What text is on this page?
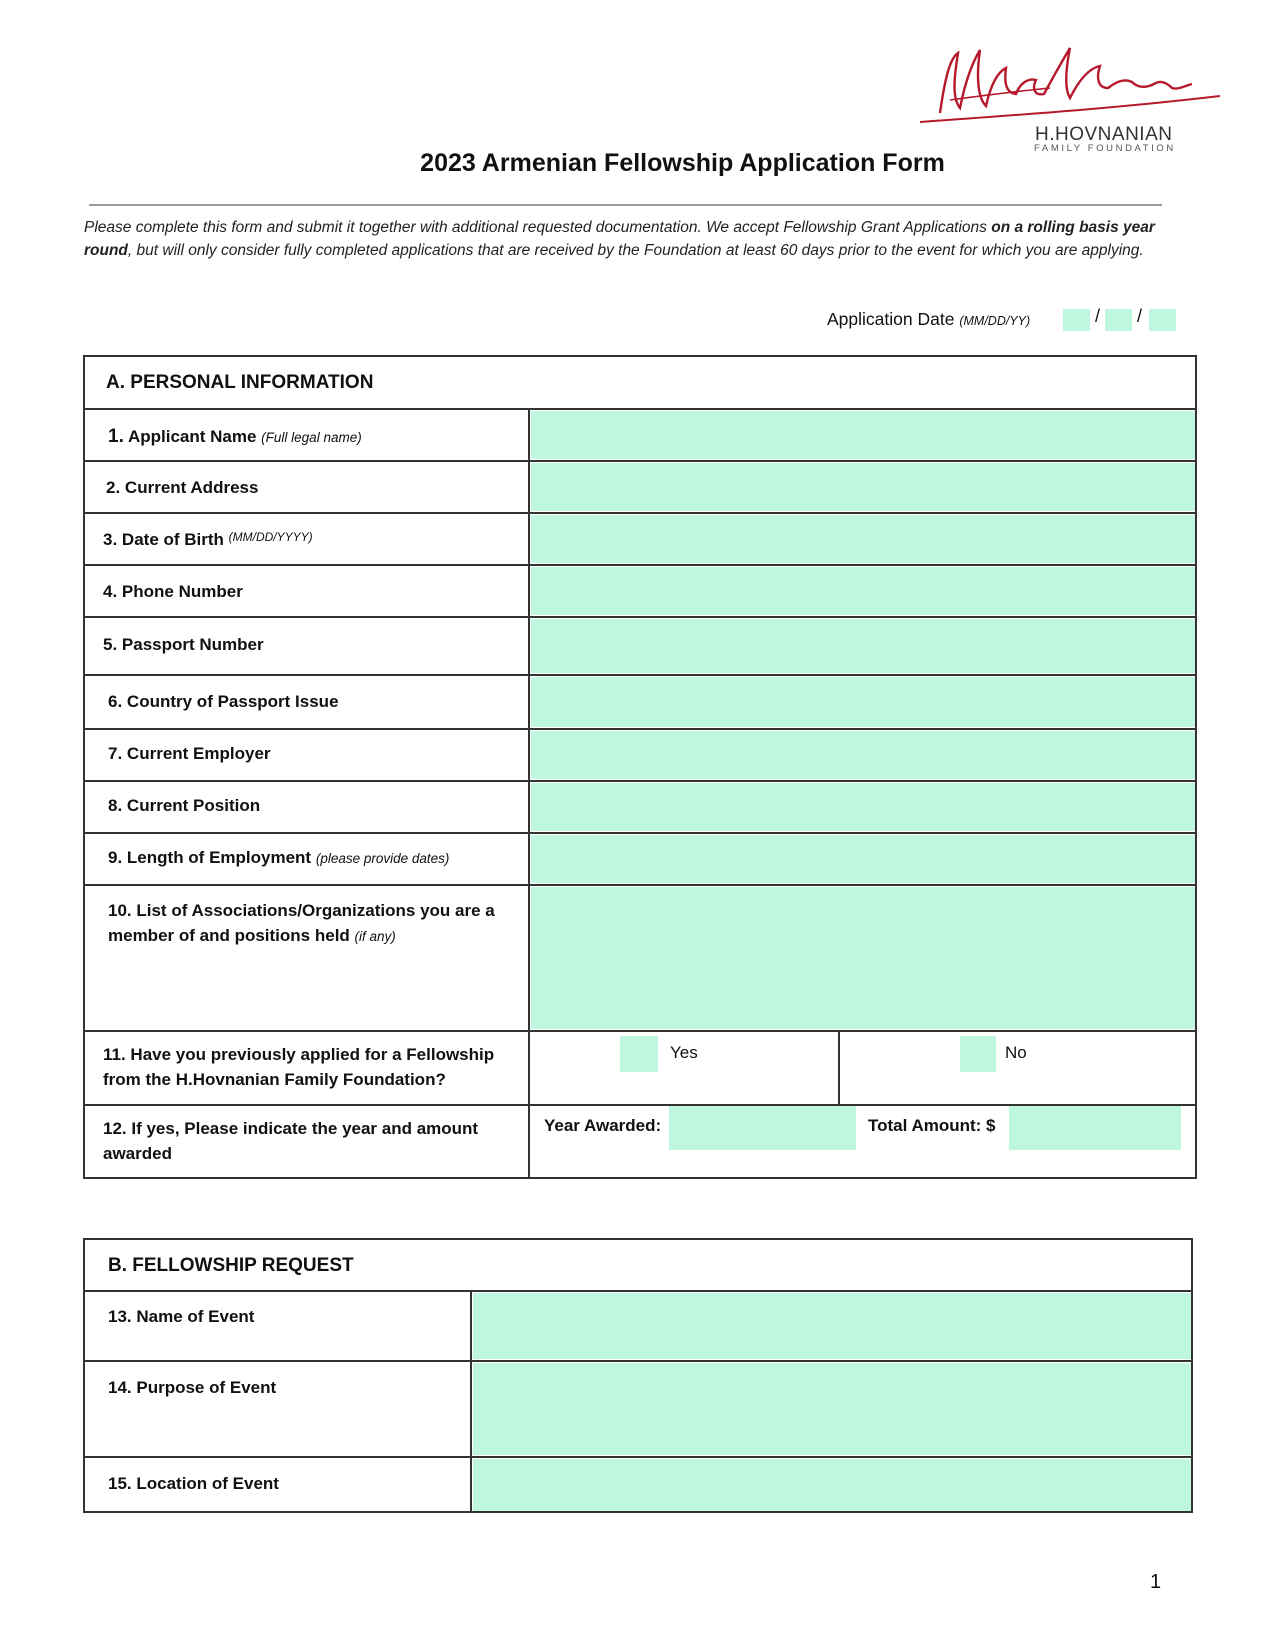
H.HOVNANIAN
FAMILY FOUNDATION
2023 Armenian Fellowship Application Form
Please complete this form and submit it together with additional requested documentation. We accept Fellowship Grant Applications on a rolling basis year round, but will only consider fully completed applications that are received by the Foundation at least 60 days prior to the event for which you are applying.
Application Date (MM/DD/YY)	/ /
A. PERSONAL INFORMATION
1. Applicant Name (Full legal name)
2. Current Address
3. Date of Birth $^{(MM/DD/YYYY)}$
4. Phone Number
5. Passport Number
6. Country of Passport Issue
7. Current Employer
8. Current Position
9. Length of Employment (please provide dates)
10. List of Associations/Organizations you are a member of and positions held (if any)
11. Have you previously applied for a Fellowship from the H.Hovnanian Family Foundation?
Yes	No
12. If yes, Please indicate the year and amount awarded
Year Awarded:	Total Amount: $
B. FELLOWSHIP REQUEST
13. Name of Event
14. Purpose of Event
15. Location of Event
1
